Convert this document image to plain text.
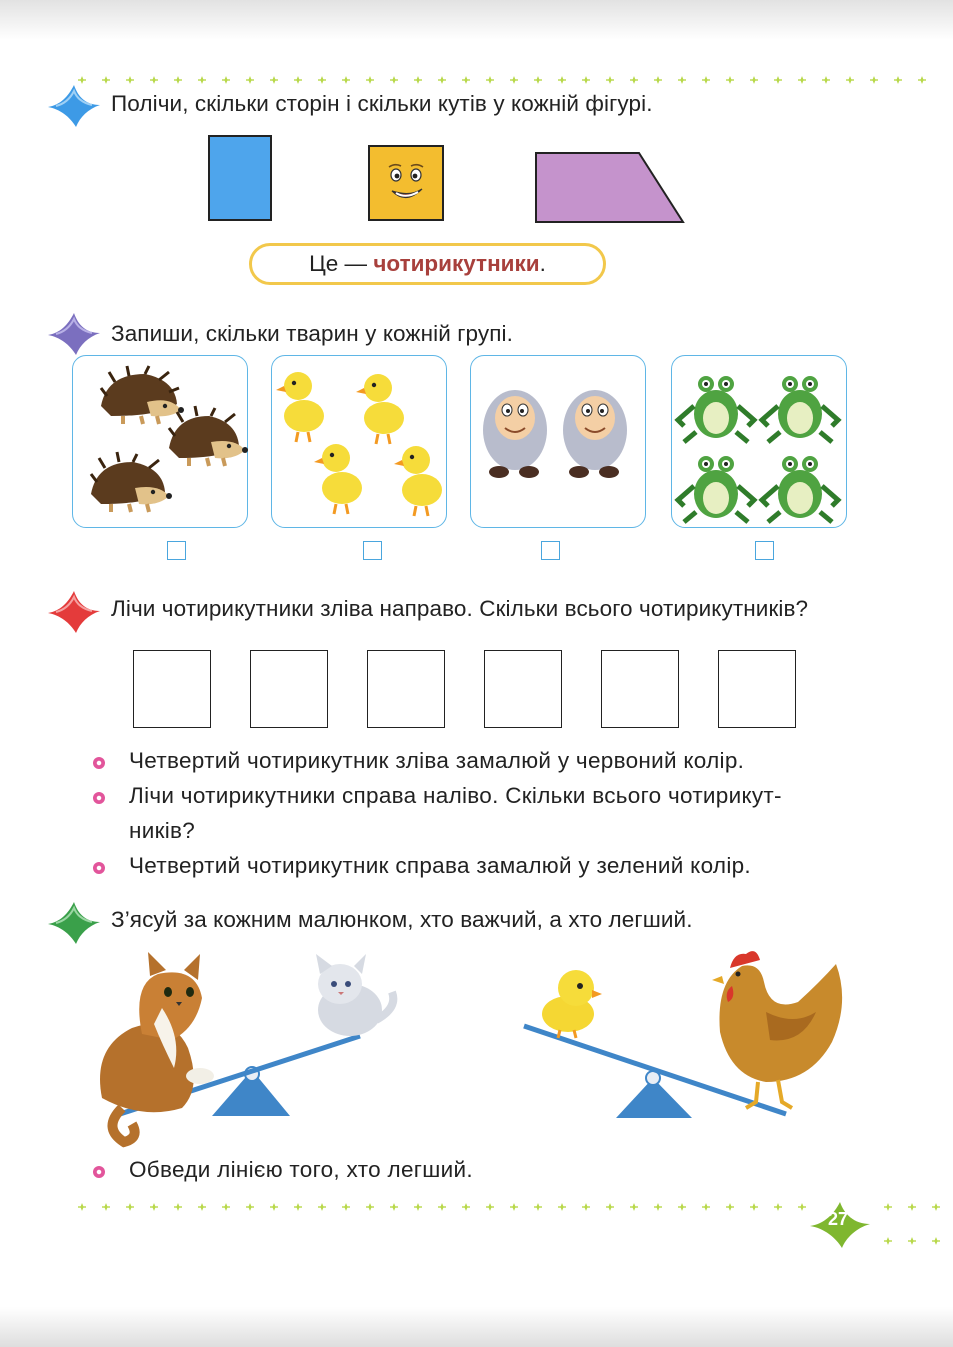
Полічи, скільки сторін і скільки кутів у кожній фігурі.
Це —
чотирикутники .
Запиши, скільки тварин у кожній групі.
Лічи чотирикутники зліва направо. Скільки всього чотирикутників?
Четвертий чотирикутник зліва замалюй у червоний колір.
Лічи чотирикутники справа наліво. Скільки всього чотирикут-
ників?
Четвертий чотирикутник справа замалюй у зелений колір.
З’ясуй за кожним малюнком, хто важчий, а хто легший.
Обведи лінією того, хто легший.
27
